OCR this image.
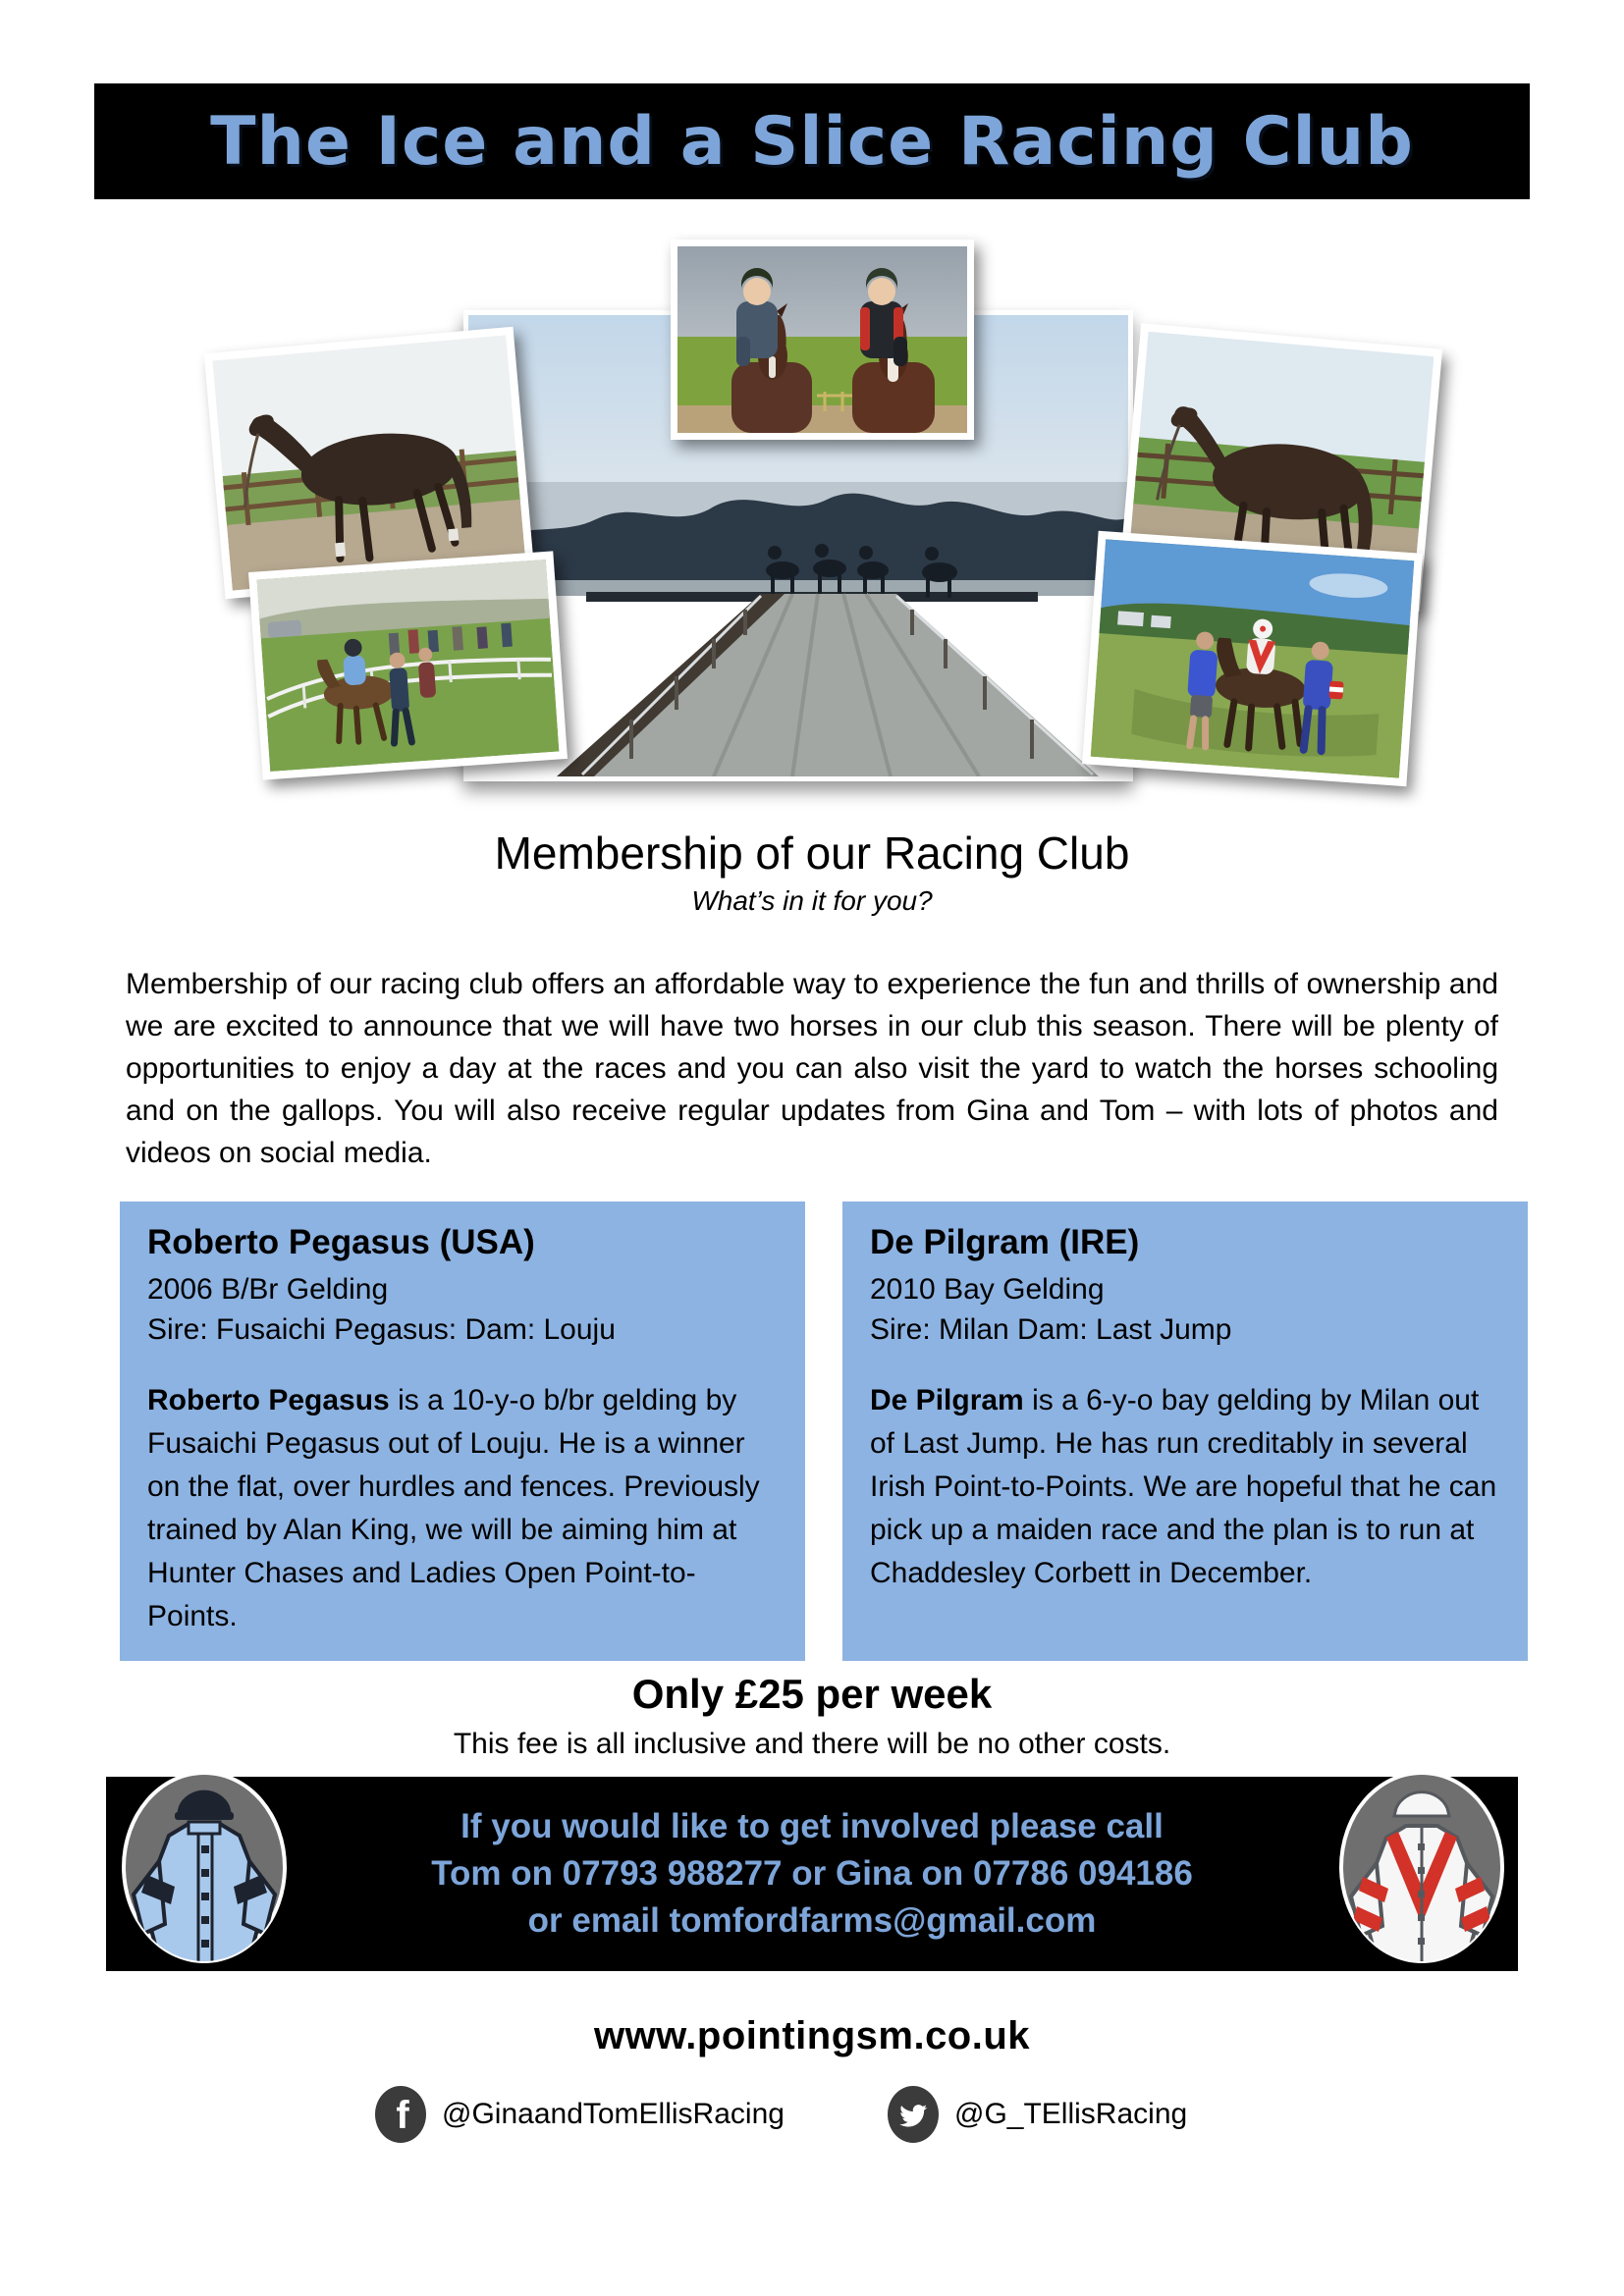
The Ice and a Slice Racing Club
Membership of our Racing Club
What’s in it for you?

Membership of our racing club offers an affordable way to experience the fun and thrills of ownership and we are excited to announce that we will have two horses in our club this season. There will be plenty of opportunities to enjoy a day at the races and you can also visit the yard to watch the horses schooling and on the gallops. You will also receive regular updates from Gina and Tom – with lots of photos and videos on social media.

Roberto Pegasus (USA)
2006 B/Br Gelding
Sire: Fusaichi Pegasus: Dam: Louju

Roberto Pegasus is a 10-y-o b/br gelding by Fusaichi Pegasus out of Louju. He is a winner on the flat, over hurdles and fences. Previously trained by Alan King, we will be aiming him at Hunter Chases and Ladies Open Point-to-Points.

De Pilgram (IRE)
2010 Bay Gelding
Sire: Milan Dam: Last Jump

De Pilgram is a 6-y-o bay gelding by Milan out of Last Jump. He has run creditably in several Irish Point-to-Points. We are hopeful that he can pick up a maiden race and the plan is to run at Chaddesley Corbett in December.

Only £25 per week
This fee is all inclusive and there will be no other costs.
If you would like to get involved please call
Tom on 07793 988277 or Gina on 07786 094186
or email tomfordfarms@gmail.com
www.pointingsm.co.uk
f @GinaandTomEllisRacing	@G_TEllisRacing
